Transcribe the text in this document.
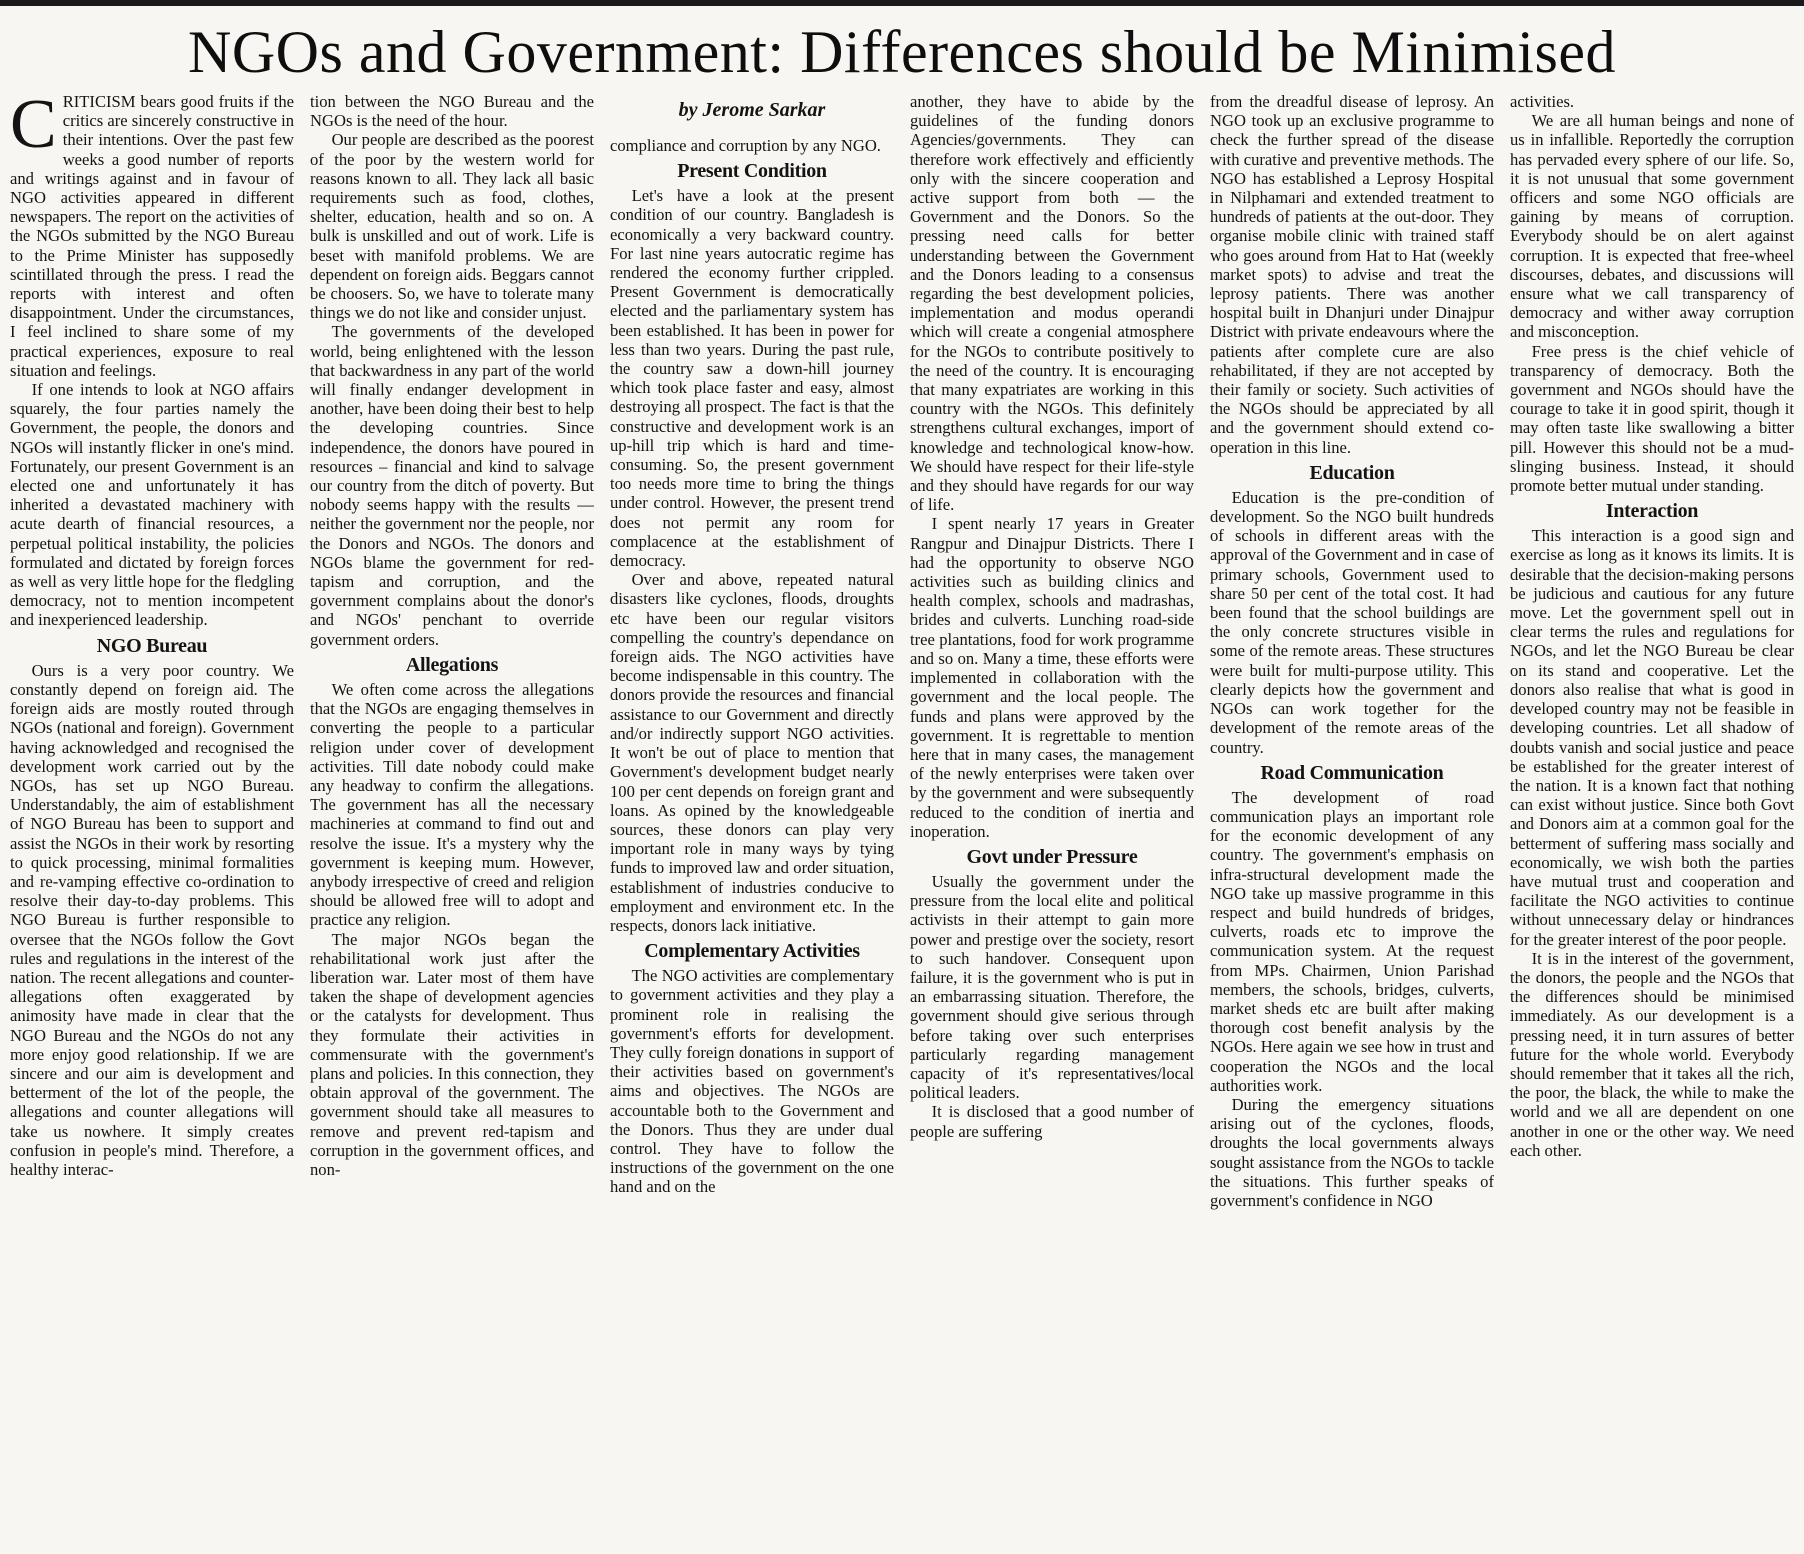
NGOs and Government: Differences should be Minimised

CRITICISM bears good fruits if the critics are sincerely constructive in their intentions. Over the past few weeks a good number of reports and writings against and in favour of NGO activities appeared in different newspapers. The report on the activities of the NGOs submitted by the NGO Bureau to the Prime Minister has supposedly scintillated through the press. I read the reports with interest and often disappointment. Under the circumstances, I feel inclined to share some of my practical experiences, exposure to real situation and feelings.

If one intends to look at NGO affairs squarely, the four parties namely the Government, the people, the donors and NGOs will instantly flicker in one's mind. Fortunately, our present Government is an elected one and unfortunately it has inherited a devastated machinery with acute dearth of financial resources, a perpetual political instability, the policies formulated and dictated by foreign forces as well as very little hope for the fledgling democracy, not to mention incompetent and inexperienced leadership.

NGO Bureau

Ours is a very poor country. We constantly depend on foreign aid. The foreign aids are mostly routed through NGOs (national and foreign). Government having acknowledged and recognised the development work carried out by the NGOs, has set up NGO Bureau. Understandably, the aim of establishment of NGO Bureau has been to support and assist the NGOs in their work by resorting to quick processing, minimal formalities and re-vamping effective co-ordination to resolve their day-to-day problems. This NGO Bureau is further responsible to oversee that the NGOs follow the Govt rules and regulations in the interest of the nation. The recent allegations and counter-allegations often exaggerated by animosity have made in clear that the NGO Bureau and the NGOs do not any more enjoy good relationship. If we are sincere and our aim is development and betterment of the lot of the people, the allegations and counter allegations will take us nowhere. It simply creates confusion in people's mind. Therefore, a healthy interac-

tion between the NGO Bureau and the NGOs is the need of the hour.

Our people are described as the poorest of the poor by the western world for reasons known to all. They lack all basic requirements such as food, clothes, shelter, education, health and so on. A bulk is unskilled and out of work. Life is beset with manifold problems. We are dependent on foreign aids. Beggars cannot be choosers. So, we have to tolerate many things we do not like and consider unjust.

The governments of the developed world, being enlightened with the lesson that backwardness in any part of the world will finally endanger development in another, have been doing their best to help the developing countries. Since independence, the donors have poured in resources – financial and kind to salvage our country from the ditch of poverty. But nobody seems happy with the results — neither the government nor the people, nor the Donors and NGOs. The donors and NGOs blame the government for red-tapism and corruption, and the government complains about the donor's and NGOs' penchant to override government orders.

Allegations

We often come across the allegations that the NGOs are engaging themselves in converting the people to a particular religion under cover of development activities. Till date nobody could make any headway to confirm the allegations. The government has all the necessary machineries at command to find out and resolve the issue. It's a mystery why the government is keeping mum. However, anybody irrespective of creed and religion should be allowed free will to adopt and practice any religion.

The major NGOs began the rehabilitational work just after the liberation war. Later most of them have taken the shape of development agencies or the catalysts for development. Thus they formulate their activities in commensurate with the government's plans and policies. In this connection, they obtain approval of the government. The government should take all measures to remove and prevent red-tapism and corruption in the government offices, and non-

by Jerome Sarkar

compliance and corruption by any NGO.

Present Condition

Let's have a look at the present condition of our country. Bangladesh is economically a very backward country. For last nine years autocratic regime has rendered the economy further crippled. Present Government is democratically elected and the parliamentary system has been established. It has been in power for less than two years. During the past rule, the country saw a down-hill journey which took place faster and easy, almost destroying all prospect. The fact is that the constructive and development work is an up-hill trip which is hard and time-consuming. So, the present government too needs more time to bring the things under control. However, the present trend does not permit any room for complacence at the establishment of democracy.

Over and above, repeated natural disasters like cyclones, floods, droughts etc have been our regular visitors compelling the country's dependance on foreign aids. The NGO activities have become indispensable in this country. The donors provide the resources and financial assistance to our Government and directly and/or indirectly support NGO activities. It won't be out of place to mention that Government's development budget nearly 100 per cent depends on foreign grant and loans. As opined by the knowledgeable sources, these donors can play very important role in many ways by tying funds to improved law and order situation, establishment of industries conducive to employment and environment etc. In the respects, donors lack initiative.

Complementary Activities

The NGO activities are complementary to government activities and they play a prominent role in realising the government's efforts for development. They cully foreign donations in support of their activities based on government's aims and objectives. The NGOs are accountable both to the Government and the Donors. Thus they are under dual control. They have to follow the instructions of the government on the one hand and on the

another, they have to abide by the guidelines of the funding donors Agencies/governments. They can therefore work effectively and efficiently only with the sincere cooperation and active support from both — the Government and the Donors. So the pressing need calls for better understanding between the Government and the Donors leading to a consensus regarding the best development policies, implementation and modus operandi which will create a congenial atmosphere for the NGOs to contribute positively to the need of the country. It is encouraging that many expatriates are working in this country with the NGOs. This definitely strengthens cultural exchanges, import of knowledge and technological know-how. We should have respect for their life-style and they should have regards for our way of life.

I spent nearly 17 years in Greater Rangpur and Dinajpur Districts. There I had the opportunity to observe NGO activities such as building clinics and health complex, schools and madrashas, brides and culverts. Lunching road-side tree plantations, food for work programme and so on. Many a time, these efforts were implemented in collaboration with the government and the local people. The funds and plans were approved by the government. It is regrettable to mention here that in many cases, the management of the newly enterprises were taken over by the government and were subsequently reduced to the condition of inertia and inoperation.

Govt under Pressure

Usually the government under the pressure from the local elite and political activists in their attempt to gain more power and prestige over the society, resort to such handover. Consequent upon failure, it is the government who is put in an embarrassing situation. Therefore, the government should give serious through before taking over such enterprises particularly regarding management capacity of it's representatives/local political leaders.

It is disclosed that a good number of people are suffering

from the dreadful disease of leprosy. An NGO took up an exclusive programme to check the further spread of the disease with curative and preventive methods. The NGO has established a Leprosy Hospital in Nilphamari and extended treatment to hundreds of patients at the out-door. They organise mobile clinic with trained staff who goes around from Hat to Hat (weekly market spots) to advise and treat the leprosy patients. There was another hospital built in Dhanjuri under Dinajpur District with private endeavours where the patients after complete cure are also rehabilitated, if they are not accepted by their family or society. Such activities of the NGOs should be appreciated by all and the government should extend co-operation in this line.

Education

Education is the pre-condition of development. So the NGO built hundreds of schools in different areas with the approval of the Government and in case of primary schools, Government used to share 50 per cent of the total cost. It had been found that the school buildings are the only concrete structures visible in some of the remote areas. These structures were built for multi-purpose utility. This clearly depicts how the government and NGOs can work together for the development of the remote areas of the country.

Road Communication

The development of road communication plays an important role for the economic development of any country. The government's emphasis on infra-structural development made the NGO take up massive programme in this respect and build hundreds of bridges, culverts, roads etc to improve the communication system. At the request from MPs. Chairmen, Union Parishad members, the schools, bridges, culverts, market sheds etc are built after making thorough cost benefit analysis by the NGOs. Here again we see how in trust and cooperation the NGOs and the local authorities work.

During the emergency situations arising out of the cyclones, floods, droughts the local governments always sought assistance from the NGOs to tackle the situations. This further speaks of government's confidence in NGO

activities.

We are all human beings and none of us in infallible. Reportedly the corruption has pervaded every sphere of our life. So, it is not unusual that some government officers and some NGO officials are gaining by means of corruption. Everybody should be on alert against corruption. It is expected that free-wheel discourses, debates, and discussions will ensure what we call transparency of democracy and wither away corruption and misconception.

Free press is the chief vehicle of transparency of democracy. Both the government and NGOs should have the courage to take it in good spirit, though it may often taste like swallowing a bitter pill. However this should not be a mud-slinging business. Instead, it should promote better mutual under standing.

Interaction

This interaction is a good sign and exercise as long as it knows its limits. It is desirable that the decision-making persons be judicious and cautious for any future move. Let the government spell out in clear terms the rules and regulations for NGOs, and let the NGO Bureau be clear on its stand and cooperative. Let the donors also realise that what is good in developed country may not be feasible in developing countries. Let all shadow of doubts vanish and social justice and peace be established for the greater interest of the nation. It is a known fact that nothing can exist without justice. Since both Govt and Donors aim at a common goal for the betterment of suffering mass socially and economically, we wish both the parties have mutual trust and cooperation and facilitate the NGO activities to continue without unnecessary delay or hindrances for the greater interest of the poor people.

It is in the interest of the government, the donors, the people and the NGOs that the differences should be minimised immediately. As our development is a pressing need, it in turn assures of better future for the whole world. Everybody should remember that it takes all the rich, the poor, the black, the while to make the world and we all are dependent on one another in one or the other way. We need each other.
